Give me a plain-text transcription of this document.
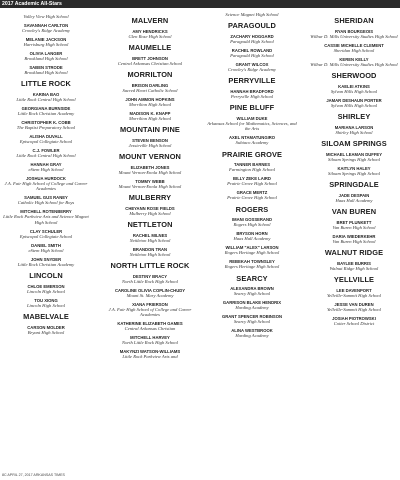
2017 Academic All-Stars
Valley View High School
SAVANNAH CARLTON
Crowley's Ridge Academy
MELANIE JACKSON
Harrisburg High School
OLIVIA LANGER
Brookland High School
SABEN STRODE
Brookland High School
LITTLE ROCK
KARINA BAO
Little Rock Central High School
GEORGIANA BURNSIDE
Little Rock Christian Academy
CHRISTOPHER K. COBB
The Baptist Preparatory School
ALISHA DUVALL
Episcopal Collegiate School
C.J. FOWLER
Little Rock Central High School
HANNAH GRAY
eStem High School
JOSHUA HURDOCK
J.A. Fair High School of College and Career Academies
SAMUEL GUS RANEY
Catholic High School for Boys
MITCHELL ROTENBERRY
Little Rock Parkview Arts and Science Magnet High School
CLAY SCHULER
Episcopal Collegiate School
DANIEL SMITH
eStem High School
JOHN SNYDER
Little Rock Christian Academy
LINCOLN
CHLOE EMERSON
Lincoln High School
TOU XIONG
Lincoln High School
MABELVALE
CARSON MOLDER
Bryant High School
MALVERN
AMY HENDRICKS
Glen Rose High School
MAUMELLE
BRETT JOHNSON
Central Arkansas Christian School
MORRILTON
BRISON DARLING
Sacred Heart Catholic School
JOHN AMMON HOPKINS
Morrilton High School
MADISON K. KNAPP
Morrilton High School
MOUNTAIN PINE
STEVEN BENSON
Jessieville High School
MOUNT VERNON
ELIZABETH JONES
Mount Vernon-Enola High School
TOMMY WEBB
Mount Vernon-Enola High School
MULBERRY
CHEYANN ROSE FIELDS
Mulberry High School
NETTLETON
RACHEL MILNES
Nettleton High School
BRANDON TRAN
Nettleton High School
NORTH LITTLE ROCK
DESTINY BRACY
North Little Rock High School
CAROLINE OLIVIA COPLIN-CHUDY
Mount St. Mary Academy
XIANA FRIERSON
J.A. Fair High School of College and Career Academies
KATHERINE ELIZABETH GAMES
Central Arkansas Christian
MITCHELL HARVEY
North Little Rock High School
MAKYNZI WATSON-WILLIAMS
Little Rock Parkview Arts and
Science Magnet High School
PARAGOULD
ZACHARY HOGGARD
Paragould High School
RACHEL ROWLAND
Paragould High School
GRANT WILCOX
Crowley's Ridge Academy
PERRYVILLE
HANNAH BRADFORD
Perryville High School
PINE BLUFF
WILLIAM DUKE
Arkansas School for Mathematics, Sciences, and the Arts
AXEL NTAMATUNGIRO
Subiaco Academy
PRAIRIE GROVE
TANNER BARNES
Farmington High School
BILLY ZEKE LAIRD
Prairie Grove High School
GRACE MERTZ
Prairie Grove High School
ROGERS
IMANI GOSSERAND
Rogers High School
BRYSON HORN
Haas Hall Academy
WILLIAM "ALEX" LARSON
Rogers Heritage High School
REBEKAH TOWNSLEY
Rogers Heritage High School
SEARCY
ALEXANDRA BROWN
Searcy High School
GARRISON BLAKE HENDRIX
Harding Academy
GRANT SPENCER ROBINSON
Searcy High School
ALINA WESTBROOK
Harding Academy
SHERIDAN
RYAN BOURGEOIS
Wilbur D. Mills University Studies High School
CASSIE MICHELLE CLEMENT
Sheridan High School
KEREN KELLY
Wilbur D. Mills University Studies High School
SHERWOOD
KAELEI ATKINS
Sylvan Hills High School
JAMAR DESHAUN PORTER
Sylvan Hills High School
SHIRLEY
MARIANA LARSON
Shirley High School
SILOAM SPRINGS
MICHAEL LEAMAN DUFFEY
Siloam Springs High School
KAITLYN HALEY
Siloam Springs High School
SPRINGDALE
JADE DESPAIN
Haas Hall Academy
VAN BUREN
BRET PLUNKETT
Van Buren High School
DARIA WIEDERKEHR
Van Buren High School
WALNUT RIDGE
BAYLEE BURRIS
Walnut Ridge High School
YELLVILLE
LEE DAVENPORT
Yellville-Summit High School
JESSE VAN DUREN
Yellville-Summit High School
JOSIAH PIOTROWSKI
Cotter School District
8C APRIL 27, 2017 ARKANSAS TIMES
